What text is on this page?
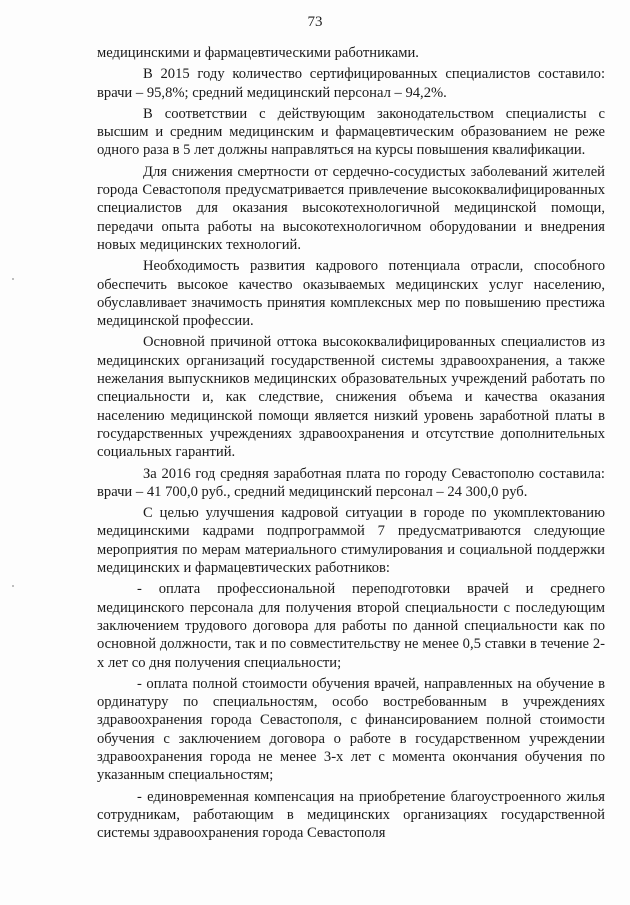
73

медицинскими и фармацевтическими работниками.

В 2015 году количество сертифицированных специалистов составило: врачи – 95,8%; средний медицинский персонал – 94,2%.

В соответствии с действующим законодательством специалисты с высшим и средним медицинским и фармацевтическим образованием не реже одного раза в 5 лет должны направляться на курсы повышения квалификации.

Для снижения смертности от сердечно-сосудистых заболеваний жителей города Севастополя предусматривается привлечение высококвалифицированных специалистов для оказания высокотехнологичной медицинской помощи, передачи опыта работы на высокотехнологичном оборудовании и внедрения новых медицинских технологий.

Необходимость развития кадрового потенциала отрасли, способного обеспечить высокое качество оказываемых медицинских услуг населению, обуславливает значимость принятия комплексных мер по повышению престижа медицинской профессии.

Основной причиной оттока высококвалифицированных специалистов из медицинских организаций государственной системы здравоохранения, а также нежелания выпускников медицинских образовательных учреждений работать по специальности и, как следствие, снижения объема и качества оказания населению медицинской помощи является низкий уровень заработной платы в государственных учреждениях здравоохранения и отсутствие дополнительных социальных гарантий.

За 2016 год средняя заработная плата по городу Севастополю составила: врачи – 41 700,0 руб., средний медицинский персонал – 24 300,0 руб.

С целью улучшения кадровой ситуации в городе по укомплектованию медицинскими кадрами подпрограммой 7 предусматриваются следующие мероприятия по мерам материального стимулирования и социальной поддержки медицинских и фармацевтических работников:

- оплата профессиональной переподготовки врачей и среднего медицинского персонала для получения второй специальности с последующим заключением трудового договора для работы по данной специальности как по основной должности, так и по совместительству не менее 0,5 ставки в течение 2-х лет со дня получения специальности;

- оплата полной стоимости обучения врачей, направленных на обучение в ординатуру по специальностям, особо востребованным в учреждениях здравоохранения города Севастополя, с финансированием полной стоимости обучения с заключением договора о работе в государственном учреждении здравоохранения города не менее 3-х лет с момента окончания обучения по указанным специальностям;

- единовременная компенсация на приобретение благоустроенного жилья сотрудникам, работающим в медицинских организациях государственной системы здравоохранения города Севастополя
